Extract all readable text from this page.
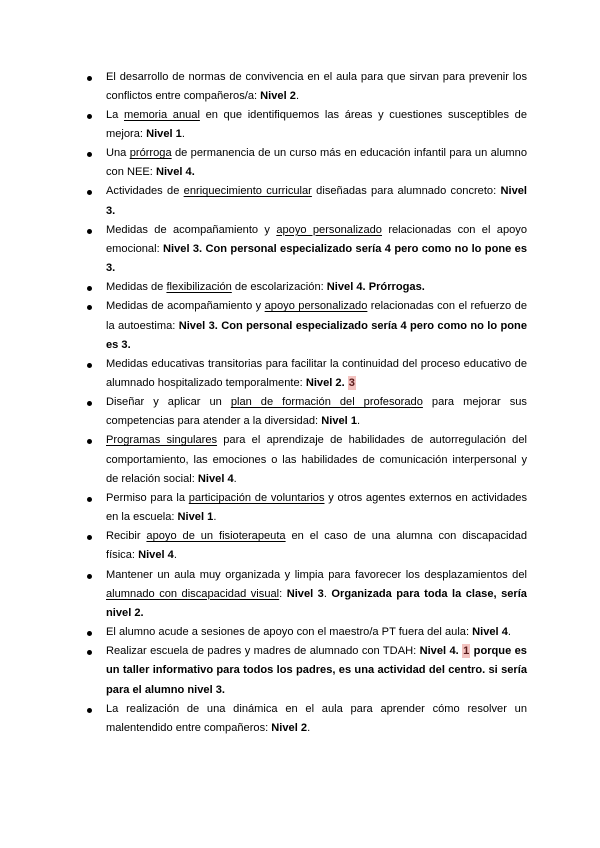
El desarrollo de normas de convivencia en el aula para que sirvan para prevenir los
conflictos entre compañeros/a: Nivel 2.
La memoria anual en que identifiquemos las áreas y cuestiones susceptibles de
mejora: Nivel 1.
Una prórroga de permanencia de un curso más en educación infantil para un alumno
con NEE: Nivel 4.
Actividades de enriquecimiento curricular diseñadas para alumnado concreto: Nivel
3.
Medidas de acompañamiento y apoyo personalizado relacionadas con el apoyo
emocional: Nivel 3. Con personal especializado sería 4 pero como no lo pone es
3.
Medidas de flexibilización de escolarización: Nivel 4. Prórrogas.
Medidas de acompañamiento y apoyo personalizado relacionadas con el refuerzo de
la autoestima: Nivel 3. Con personal especializado sería 4 pero como no lo pone
es 3.
Medidas educativas transitorias para facilitar la continuidad del proceso educativo de
alumnado hospitalizado temporalmente: Nivel 2. 3
Diseñar y aplicar un plan de formación del profesorado para mejorar sus
competencias para atender a la diversidad: Nivel 1.
Programas singulares para el aprendizaje de habilidades de autorregulación del
comportamiento, las emociones o las habilidades de comunicación interpersonal y
de relación social: Nivel 4.
Permiso para la participación de voluntarios y otros agentes externos en actividades
en la escuela: Nivel 1.
Recibir apoyo de un fisioterapeuta en el caso de una alumna con discapacidad
física: Nivel 4.
Mantener un aula muy organizada y limpia para favorecer los desplazamientos del
alumnado con discapacidad visual: Nivel 3. Organizada para toda la clase, sería
nivel 2.
El alumno acude a sesiones de apoyo con el maestro/a PT fuera del aula: Nivel 4.
Realizar escuela de padres y madres de alumnado con TDAH: Nivel 4. 1 porque es
un taller informativo para todos los padres, es una actividad del centro. si sería
para el alumno nivel 3.
La realización de una dinámica en el aula para aprender cómo resolver un
malentendido entre compañeros: Nivel 2.
